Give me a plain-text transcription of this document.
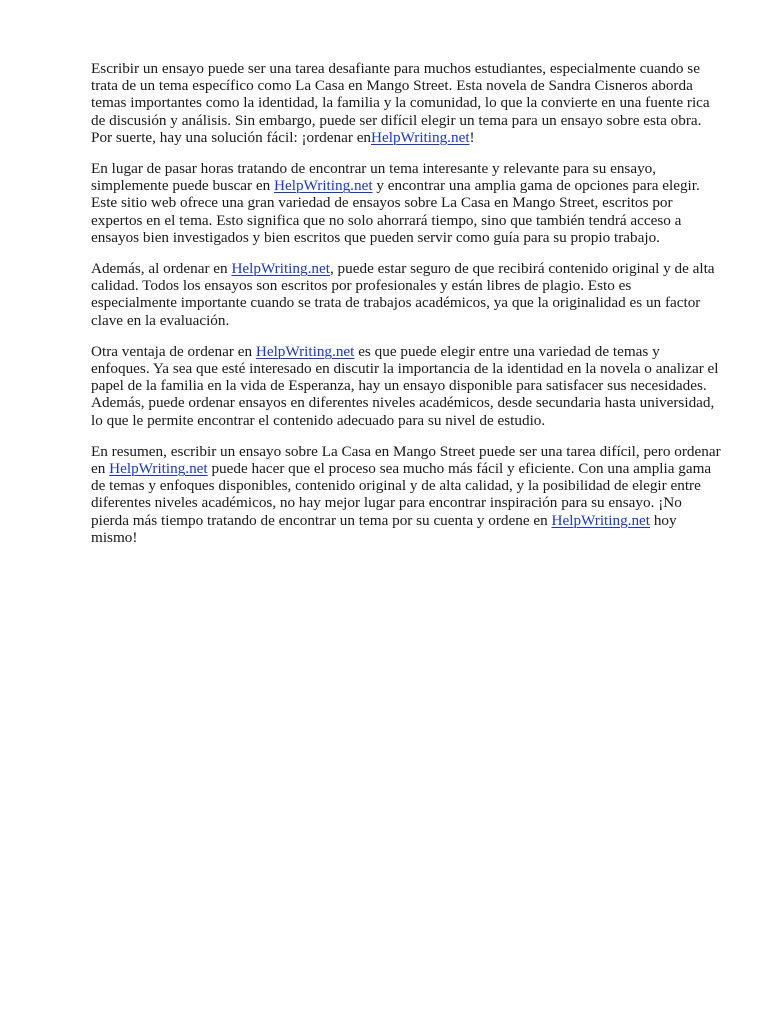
Escribir un ensayo puede ser una tarea desafiante para muchos estudiantes, especialmente cuando se trata de un tema específico como La Casa en Mango Street. Esta novela de Sandra Cisneros aborda temas importantes como la identidad, la familia y la comunidad, lo que la convierte en una fuente rica de discusión y análisis. Sin embargo, puede ser difícil elegir un tema para un ensayo sobre esta obra. Por suerte, hay una solución fácil: ¡ordenar enHelpWriting.net!

En lugar de pasar horas tratando de encontrar un tema interesante y relevante para su ensayo, simplemente puede buscar en HelpWriting.net y encontrar una amplia gama de opciones para elegir. Este sitio web ofrece una gran variedad de ensayos sobre La Casa en Mango Street, escritos por expertos en el tema. Esto significa que no solo ahorrará tiempo, sino que también tendrá acceso a ensayos bien investigados y bien escritos que pueden servir como guía para su propio trabajo.

Además, al ordenar en HelpWriting.net, puede estar seguro de que recibirá contenido original y de alta calidad. Todos los ensayos son escritos por profesionales y están libres de plagio. Esto es especialmente importante cuando se trata de trabajos académicos, ya que la originalidad es un factor clave en la evaluación.

Otra ventaja de ordenar en HelpWriting.net es que puede elegir entre una variedad de temas y enfoques. Ya sea que esté interesado en discutir la importancia de la identidad en la novela o analizar el papel de la familia en la vida de Esperanza, hay un ensayo disponible para satisfacer sus necesidades. Además, puede ordenar ensayos en diferentes niveles académicos, desde secundaria hasta universidad, lo que le permite encontrar el contenido adecuado para su nivel de estudio.

En resumen, escribir un ensayo sobre La Casa en Mango Street puede ser una tarea difícil, pero ordenar en HelpWriting.net puede hacer que el proceso sea mucho más fácil y eficiente. Con una amplia gama de temas y enfoques disponibles, contenido original y de alta calidad, y la posibilidad de elegir entre diferentes niveles académicos, no hay mejor lugar para encontrar inspiración para su ensayo. ¡No pierda más tiempo tratando de encontrar un tema por su cuenta y ordene en HelpWriting.net hoy mismo!
